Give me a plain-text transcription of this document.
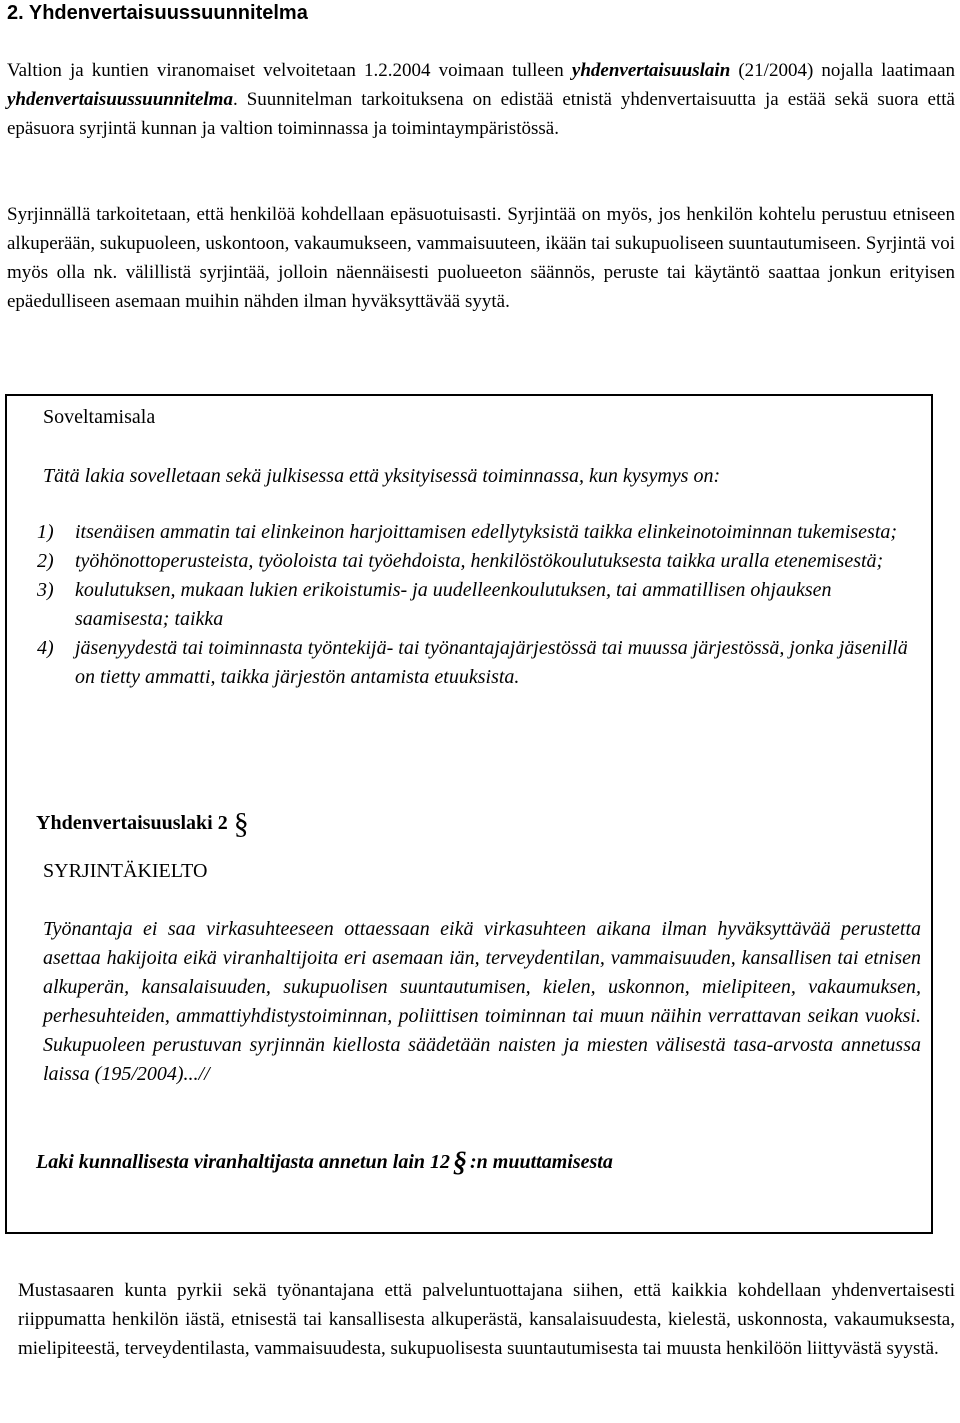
2. Yhdenvertaisuussuunnitelma

Valtion ja kuntien viranomaiset velvoitetaan 1.2.2004 voimaan tulleen yhdenvertaisuuslain (21/2004) nojalla laatimaan yhdenvertaisuussuunnitelma. Suunnitelman tarkoituksena on edistää etnistä yhdenvertaisuutta ja estää sekä suora että epäsuora syrjintä kunnan ja valtion toiminnassa ja toimintaympäristössä.

Syrjinnällä tarkoitetaan, että henkilöä kohdellaan epäsuotuisasti. Syrjintää on myös, jos henkilön kohtelu perustuu etniseen alkuperään, sukupuoleen, uskontoon, vakaumukseen, vammaisuuteen, ikään tai sukupuoliseen suuntautumiseen. Syrjintä voi myös olla nk. välillistä syrjintää, jolloin näennäisesti puolueeton säännös, peruste tai käytäntö saattaa jonkun erityisen epäedulliseen asemaan muihin nähden ilman hyväksyttävää syytä.

Soveltamisala

Tätä lakia sovelletaan sekä julkisessa että yksityisessä toiminnassa, kun kysymys on:

1) itsenäisen ammatin tai elinkeinon harjoittamisen edellytyksistä taikka elinkeinotoiminnan tukemisesta;
2) työhönottoperusteista, työoloista tai työehdoista, henkilöstökoulutuksesta taikka uralla etenemisestä;
3) koulutuksen, mukaan lukien erikoistumis- ja uudelleenkoulutuksen, tai ammatillisen ohjauksen saamisesta; taikka
4) jäsenyydestä tai toiminnasta työntekijä- tai työnantajajärjestössä tai muussa järjestössä, jonka jäsenillä on tietty ammatti, taikka järjestön antamista etuuksista.

Yhdenvertaisuuslaki 2 §

SYRJINTÄKIELTO

Työnantaja ei saa virkasuhteeseen ottaessaan eikä virkasuhteen aikana ilman hyväksyttävää perustetta asettaa hakijoita eikä viranhaltijoita eri asemaan iän, terveydentilan, vammaisuuden, kansallisen tai etnisen alkuperän, kansalaisuuden, sukupuolisen suuntautumisen, kielen, uskonnon, mielipiteen, vakaumuksen, perhesuhteiden, ammattiyhdistystoiminnan, poliittisen toiminnan tai muun näihin verrattavan seikan vuoksi. Sukupuoleen perustuvan syrjinnän kiellosta säädetään naisten ja miesten välisestä tasa-arvosta annetussa laissa (195/2004)...//

Laki kunnallisesta viranhaltijasta annetun lain 12 § :n muuttamisesta

Mustasaaren kunta pyrkii sekä työnantajana että palveluntuottajana siihen, että kaikkia kohdellaan yhdenvertaisesti riippumatta henkilön iästä, etnisestä tai kansallisesta alkuperästä, kansalaisuudesta, kielestä, uskonnosta, vakaumuksesta, mielipiteestä, terveydentilasta, vammaisuudesta, sukupuolisesta suuntautumisesta tai muusta henkilöön liittyvästä syystä.
